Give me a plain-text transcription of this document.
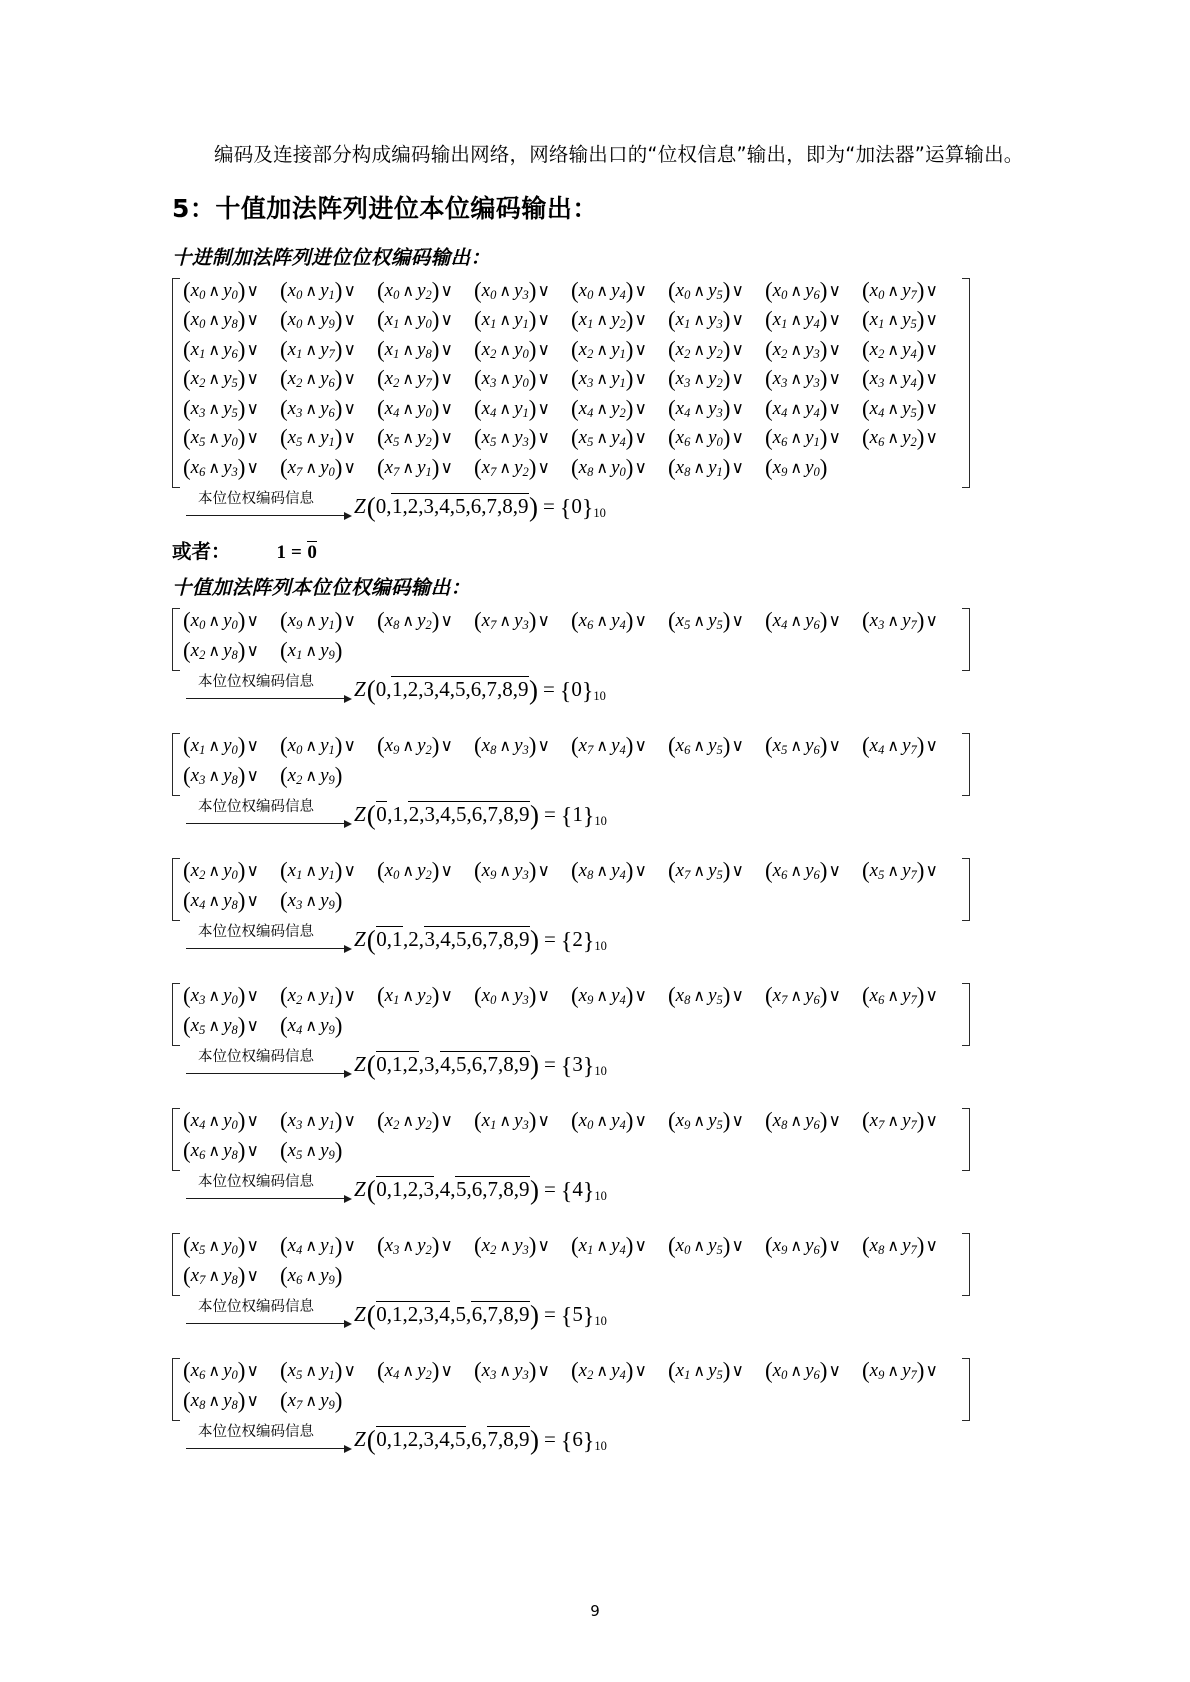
编码及连接部分构成编码输出网络，网络输出口的“位权信息”输出，即为“加法器”运算输出。

5：十值加法阵列进位本位编码输出：
十进制加法阵列进位位权编码输出：
( x 0 ∧ y 0 ) ∨ ( x 0 ∧ y 1 ) ∨ ( x 0 ∧ y 2 ) ∨ ( x 0 ∧ y 3 ) ∨ ( x 0 ∧ y 4 ) ∨ ( x 0 ∧ y 5 ) ∨ ( x 0 ∧ y 6 ) ∨ ( x 0 ∧ y 7 ) ∨
( x 0 ∧ y 8 ) ∨ ( x 0 ∧ y 9 ) ∨ ( x 1 ∧ y 0 ) ∨ ( x 1 ∧ y 1 ) ∨ ( x 1 ∧ y 2 ) ∨ ( x 1 ∧ y 3 ) ∨ ( x 1 ∧ y 4 ) ∨ ( x 1 ∧ y 5 ) ∨
( x 1 ∧ y 6 ) ∨ ( x 1 ∧ y 7 ) ∨ ( x 1 ∧ y 8 ) ∨ ( x 2 ∧ y 0 ) ∨ ( x 2 ∧ y 1 ) ∨ ( x 2 ∧ y 2 ) ∨ ( x 2 ∧ y 3 ) ∨ ( x 2 ∧ y 4 ) ∨
( x 2 ∧ y 5 ) ∨ ( x 2 ∧ y 6 ) ∨ ( x 2 ∧ y 7 ) ∨ ( x 3 ∧ y 0 ) ∨ ( x 3 ∧ y 1 ) ∨ ( x 3 ∧ y 2 ) ∨ ( x 3 ∧ y 3 ) ∨ ( x 3 ∧ y 4 ) ∨
( x 3 ∧ y 5 ) ∨ ( x 3 ∧ y 6 ) ∨ ( x 4 ∧ y 0 ) ∨ ( x 4 ∧ y 1 ) ∨ ( x 4 ∧ y 2 ) ∨ ( x 4 ∧ y 3 ) ∨ ( x 4 ∧ y 4 ) ∨ ( x 4 ∧ y 5 ) ∨
( x 5 ∧ y 0 ) ∨ ( x 5 ∧ y 1 ) ∨ ( x 5 ∧ y 2 ) ∨ ( x 5 ∧ y 3 ) ∨ ( x 5 ∧ y 4 ) ∨ ( x 6 ∧ y 0 ) ∨ ( x 6 ∧ y 1 ) ∨ ( x 6 ∧ y 2 ) ∨
( x 6 ∧ y 3 ) ∨ ( x 7 ∧ y 0 ) ∨ ( x 7 ∧ y 1 ) ∨ ( x 7 ∧ y 2 ) ∨ ( x 8 ∧ y 0 ) ∨ ( x 8 ∧ y 1 ) ∨ ( x 9 ∧ y 0 )
本位位权编码信息 Z ( 0 , 1,2,3,4,5,6,7,8,9 ) = { 0 } 10
或者： 1 = 0
十值加法阵列本位位权编码输出：
( x 0 ∧ y 0 ) ∨ ( x 9 ∧ y 1 ) ∨ ( x 8 ∧ y 2 ) ∨ ( x 7 ∧ y 3 ) ∨ ( x 6 ∧ y 4 ) ∨ ( x 5 ∧ y 5 ) ∨ ( x 4 ∧ y 6 ) ∨ ( x 3 ∧ y 7 ) ∨
( x 2 ∧ y 8 ) ∨ ( x 1 ∧ y 9 )
本位位权编码信息 Z ( 0 , 1,2,3,4,5,6,7,8,9 ) = { 0 } 10
( x 1 ∧ y 0 ) ∨ ( x 0 ∧ y 1 ) ∨ ( x 9 ∧ y 2 ) ∨ ( x 8 ∧ y 3 ) ∨ ( x 7 ∧ y 4 ) ∨ ( x 6 ∧ y 5 ) ∨ ( x 5 ∧ y 6 ) ∨ ( x 4 ∧ y 7 ) ∨
( x 3 ∧ y 8 ) ∨ ( x 2 ∧ y 9 )
本位位权编码信息 Z ( 0 , 1 , 2,3,4,5,6,7,8,9 ) = { 1 } 10
( x 2 ∧ y 0 ) ∨ ( x 1 ∧ y 1 ) ∨ ( x 0 ∧ y 2 ) ∨ ( x 9 ∧ y 3 ) ∨ ( x 8 ∧ y 4 ) ∨ ( x 7 ∧ y 5 ) ∨ ( x 6 ∧ y 6 ) ∨ ( x 5 ∧ y 7 ) ∨
( x 4 ∧ y 8 ) ∨ ( x 3 ∧ y 9 )
本位位权编码信息 Z ( 0,1 , 2 , 3,4,5,6,7,8,9 ) = { 2 } 10
( x 3 ∧ y 0 ) ∨ ( x 2 ∧ y 1 ) ∨ ( x 1 ∧ y 2 ) ∨ ( x 0 ∧ y 3 ) ∨ ( x 9 ∧ y 4 ) ∨ ( x 8 ∧ y 5 ) ∨ ( x 7 ∧ y 6 ) ∨ ( x 6 ∧ y 7 ) ∨
( x 5 ∧ y 8 ) ∨ ( x 4 ∧ y 9 )
本位位权编码信息 Z ( 0,1,2 , 3 , 4,5,6,7,8,9 ) = { 3 } 10
( x 4 ∧ y 0 ) ∨ ( x 3 ∧ y 1 ) ∨ ( x 2 ∧ y 2 ) ∨ ( x 1 ∧ y 3 ) ∨ ( x 0 ∧ y 4 ) ∨ ( x 9 ∧ y 5 ) ∨ ( x 8 ∧ y 6 ) ∨ ( x 7 ∧ y 7 ) ∨
( x 6 ∧ y 8 ) ∨ ( x 5 ∧ y 9 )
本位位权编码信息 Z ( 0,1,2,3 , 4 , 5,6,7,8,9 ) = { 4 } 10
( x 5 ∧ y 0 ) ∨ ( x 4 ∧ y 1 ) ∨ ( x 3 ∧ y 2 ) ∨ ( x 2 ∧ y 3 ) ∨ ( x 1 ∧ y 4 ) ∨ ( x 0 ∧ y 5 ) ∨ ( x 9 ∧ y 6 ) ∨ ( x 8 ∧ y 7 ) ∨
( x 7 ∧ y 8 ) ∨ ( x 6 ∧ y 9 )
本位位权编码信息 Z ( 0,1,2,3,4 , 5 , 6,7,8,9 ) = { 5 } 10
( x 6 ∧ y 0 ) ∨ ( x 5 ∧ y 1 ) ∨ ( x 4 ∧ y 2 ) ∨ ( x 3 ∧ y 3 ) ∨ ( x 2 ∧ y 4 ) ∨ ( x 1 ∧ y 5 ) ∨ ( x 0 ∧ y 6 ) ∨ ( x 9 ∧ y 7 ) ∨
( x 8 ∧ y 8 ) ∨ ( x 7 ∧ y 9 )
本位位权编码信息 Z ( 0,1,2,3,4,5 , 6 , 7,8,9 ) = { 6 } 10
9
